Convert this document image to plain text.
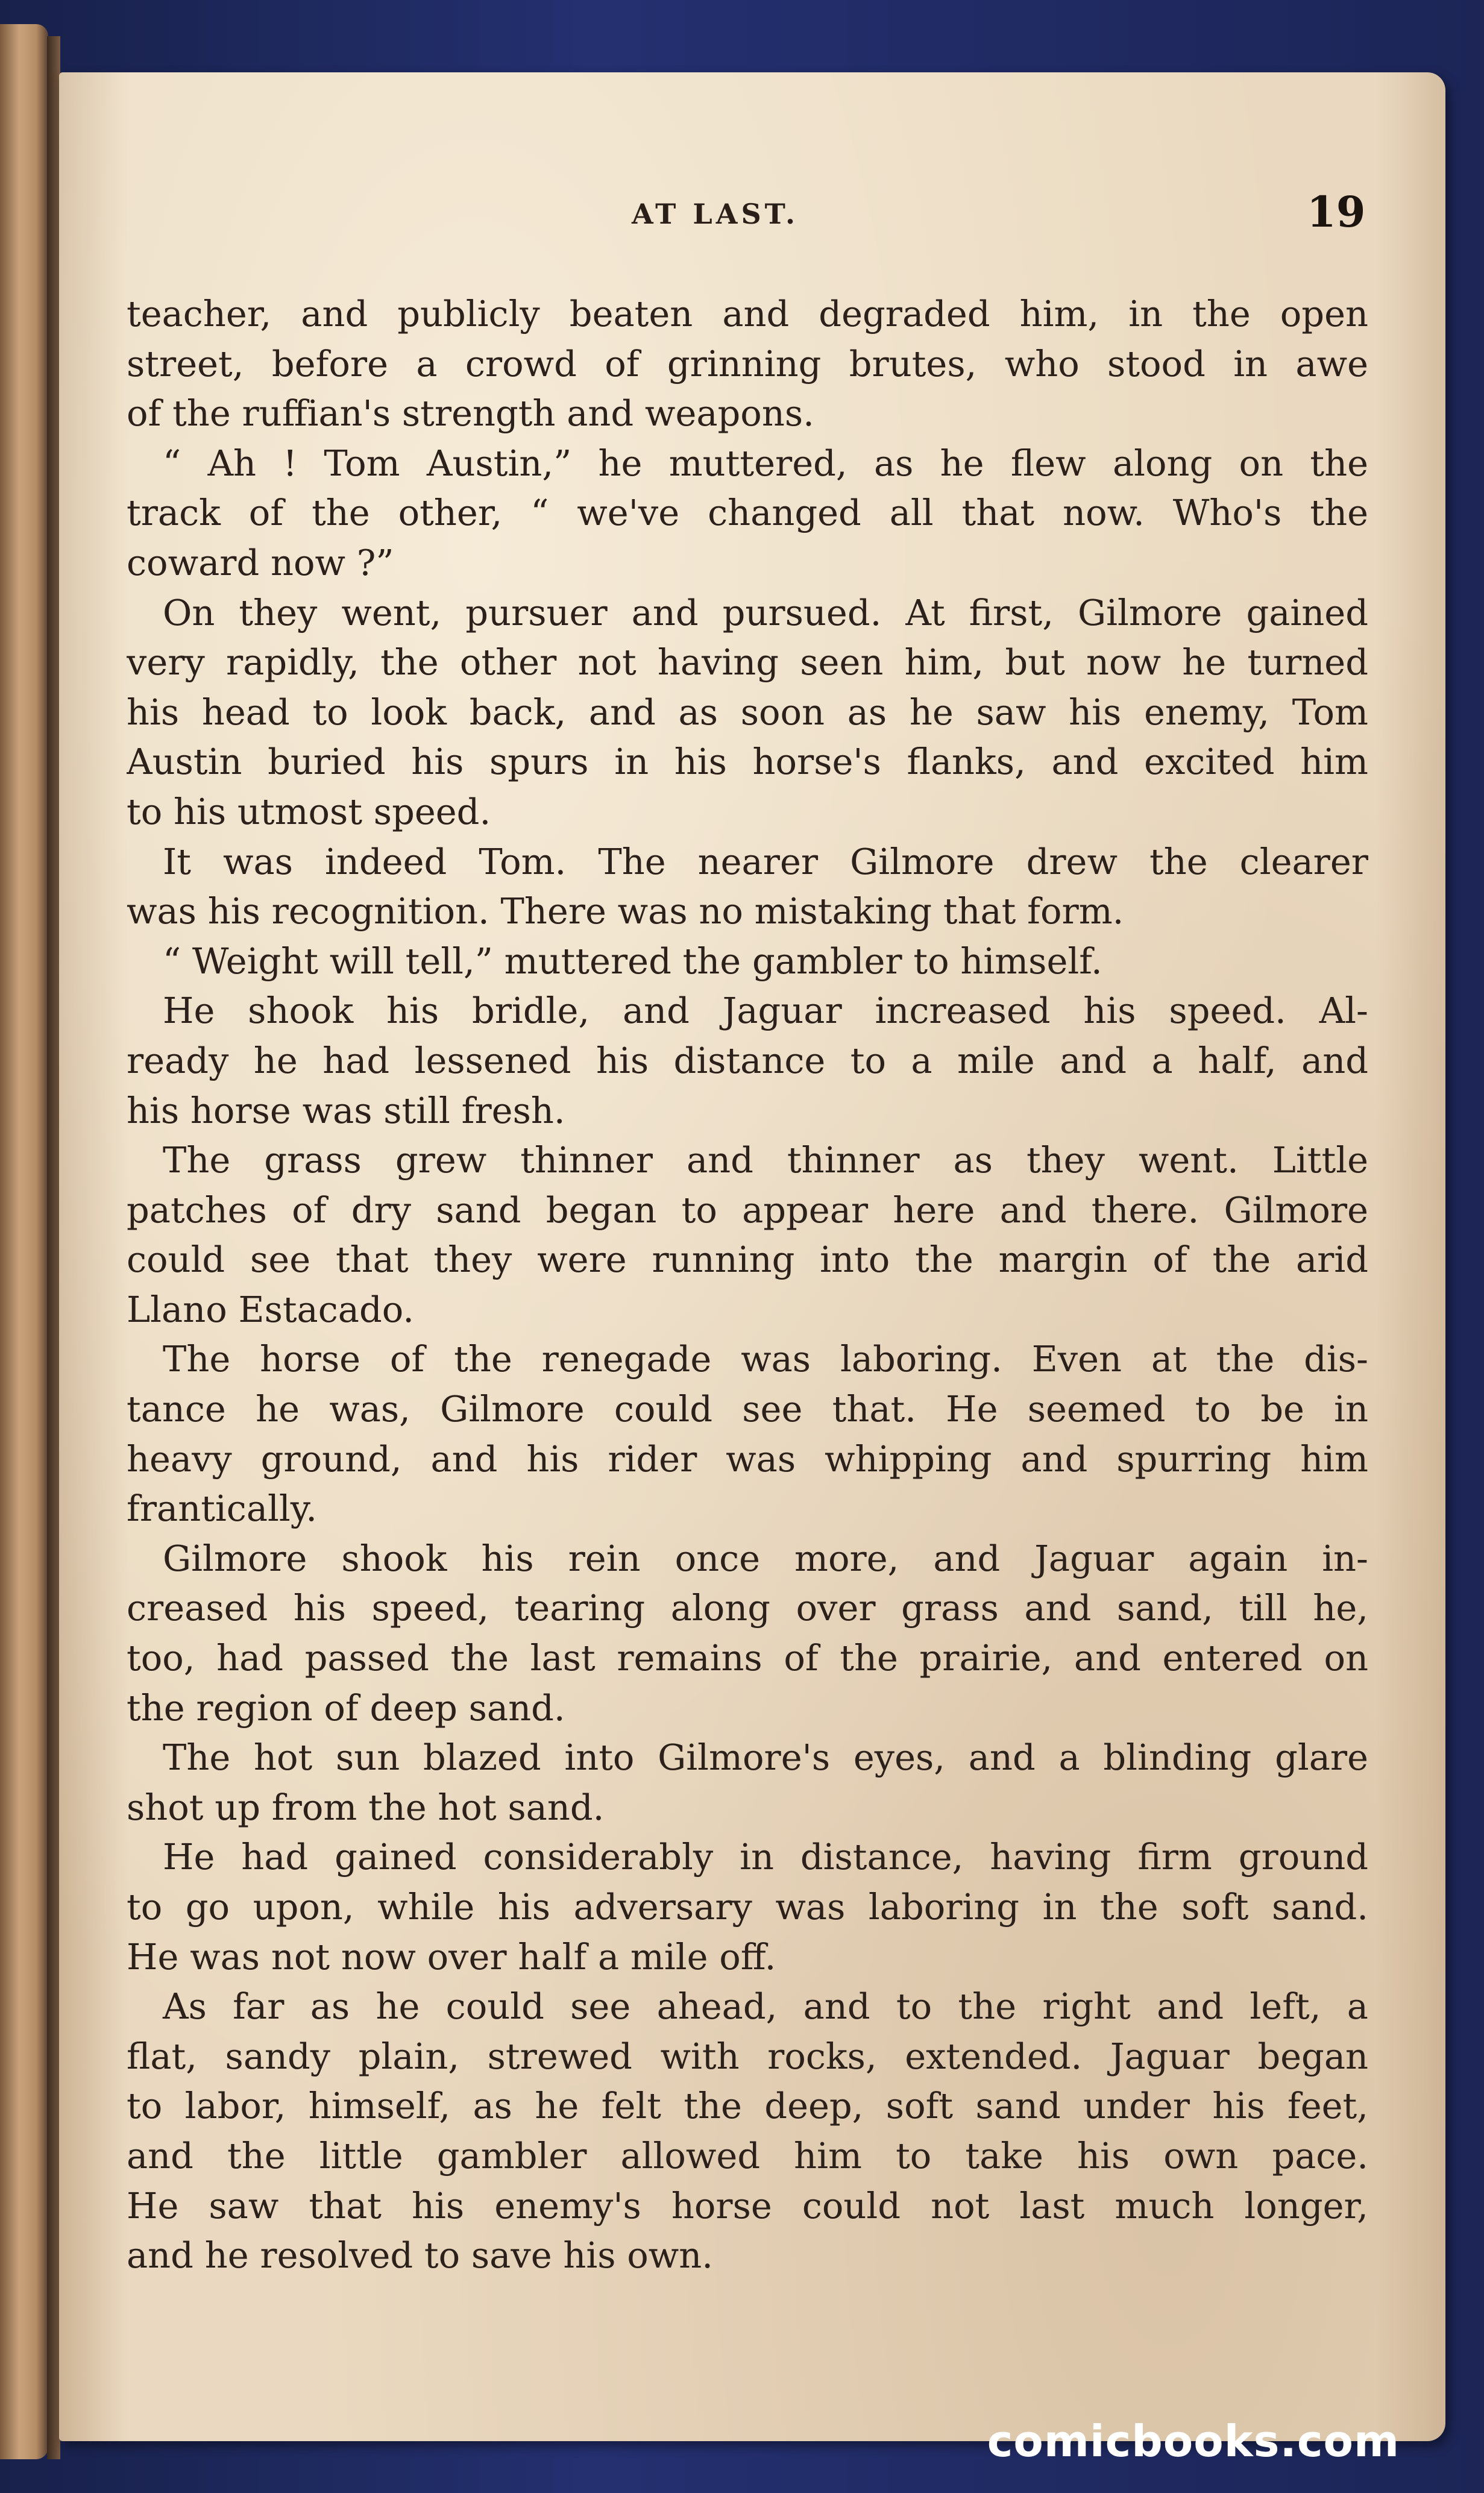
AT LAST.	19
teacher, and publicly beaten and degraded him, in the open
street, before a crowd of grinning brutes, who stood in awe
of the ruffian's strength and weapons.
“ Ah ! Tom Austin,” he muttered, as he flew along on the
track of the other, “ we've changed all that now. Who's the
coward now ?”
On they went, pursuer and pursued. At first, Gilmore gained
very rapidly, the other not having seen him, but now he turned
his head to look back, and as soon as he saw his enemy, Tom
Austin buried his spurs in his horse's flanks, and excited him
to his utmost speed.
It was indeed Tom. The nearer Gilmore drew the clearer
was his recognition. There was no mistaking that form.
“ Weight will tell,” muttered the gambler to himself.
He shook his bridle, and Jaguar increased his speed. Al-
ready he had lessened his distance to a mile and a half, and
his horse was still fresh.
The grass grew thinner and thinner as they went. Little
patches of dry sand began to appear here and there. Gilmore
could see that they were running into the margin of the arid
Llano Estacado.
The horse of the renegade was laboring. Even at the dis-
tance he was, Gilmore could see that. He seemed to be in
heavy ground, and his rider was whipping and spurring him
frantically.
Gilmore shook his rein once more, and Jaguar again in-
creased his speed, tearing along over grass and sand, till he,
too, had passed the last remains of the prairie, and entered on
the region of deep sand.
The hot sun blazed into Gilmore's eyes, and a blinding glare
shot up from the hot sand.
He had gained considerably in distance, having firm ground
to go upon, while his adversary was laboring in the soft sand.
He was not now over half a mile off.
As far as he could see ahead, and to the right and left, a
flat, sandy plain, strewed with rocks, extended. Jaguar began
to labor, himself, as he felt the deep, soft sand under his feet,
and the little gambler allowed him to take his own pace.
He saw that his enemy's horse could not last much longer,
and he resolved to save his own.
comicbooks.com
